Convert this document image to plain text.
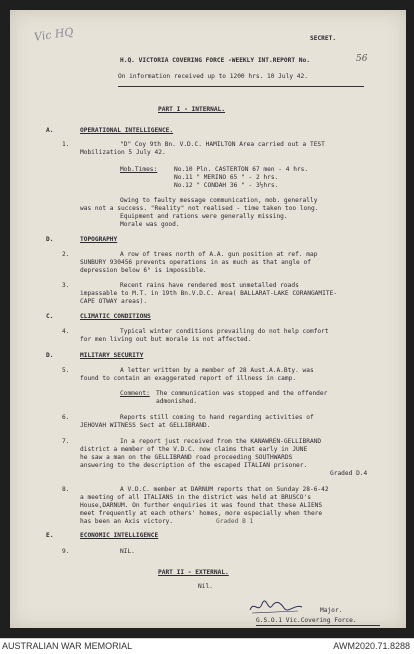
Vic HQ	SECRET.
H.Q. VICTORIA COVERING FORCE -WEEKLY INT.REPORT No.	56
On information received up to 1200 hrs. 10 July 42.
PART I - INTERNAL.
A.	OPERATIONAL INTELLIGENCE.
1.	"D" Coy 9th Bn. V.D.C. HAMILTON Area carried out a TEST
Mobilization 5 July 42.
Mob.Times:	No.10 Pln. CASTERTON 67 men - 4 hrs.
No.11 " MERINO 65 " - 2 hrs.
No.12 " CONDAH 36 " - 3½hrs.
Owing to faulty message communication, mob. generally
was not a success. "Reality" not realised - time taken too long.
Equipment and rations were generally missing.
Morale was good.
D.	TOPOGRAPHY
2.	A row of trees north of A.A. gun position at ref. map
SUNBURY 930456 prevents operations in as much as that angle of
depression below 6° is impossible.
3.	Recent rains have rendered most unmetalled roads
impassable to M.T. in 19th Bn.V.D.C. Area( BALLARAT-LAKE CORANGAMITE-
CAPE OTWAY areas).
C.	CLIMATIC CONDITIONS
4.	Typical winter conditions prevailing do not help comfort
for men living out but morale is not affected.
D.	MILITARY SECURITY
5.	A letter written by a member of 28 Aust.A.A.Bty. was
found to contain an exaggerated report of illness in camp.
Comment: The communication was stopped and the offender
admonished.
6.	Reports still coming to hand regarding activities of
JEHOVAH WITNESS Sect at GELLIBRAND.
7.	In a report just received from the KANAWREN-GELLIBRAND
district a member of the V.D.C. now claims that early in JUNE
he saw a man on the GELLIBRAND road proceeding SOUTHWARDS
answering to the description of the escaped ITALIAN prisoner.
Graded D.4
8.	A V.D.C. member at DARNUM reports that on Sunday 28-6-42
a meeting of all ITALIANS in the district was held at BRUSCO's
House,DARNUM. On further enquiries it was found that these ALIENS
meet frequently at each others' homes, more especially when there
has been an Axis victory.	Graded B 1
E.	ECONOMIC INTELLIGENCE
9.	NIL.
PART II - EXTERNAL.
Nil.
Major.
G.S.O.1 Vic.Covering Force.
AUSTRALIAN WAR MEMORIAL	AWM2020.71.8288
